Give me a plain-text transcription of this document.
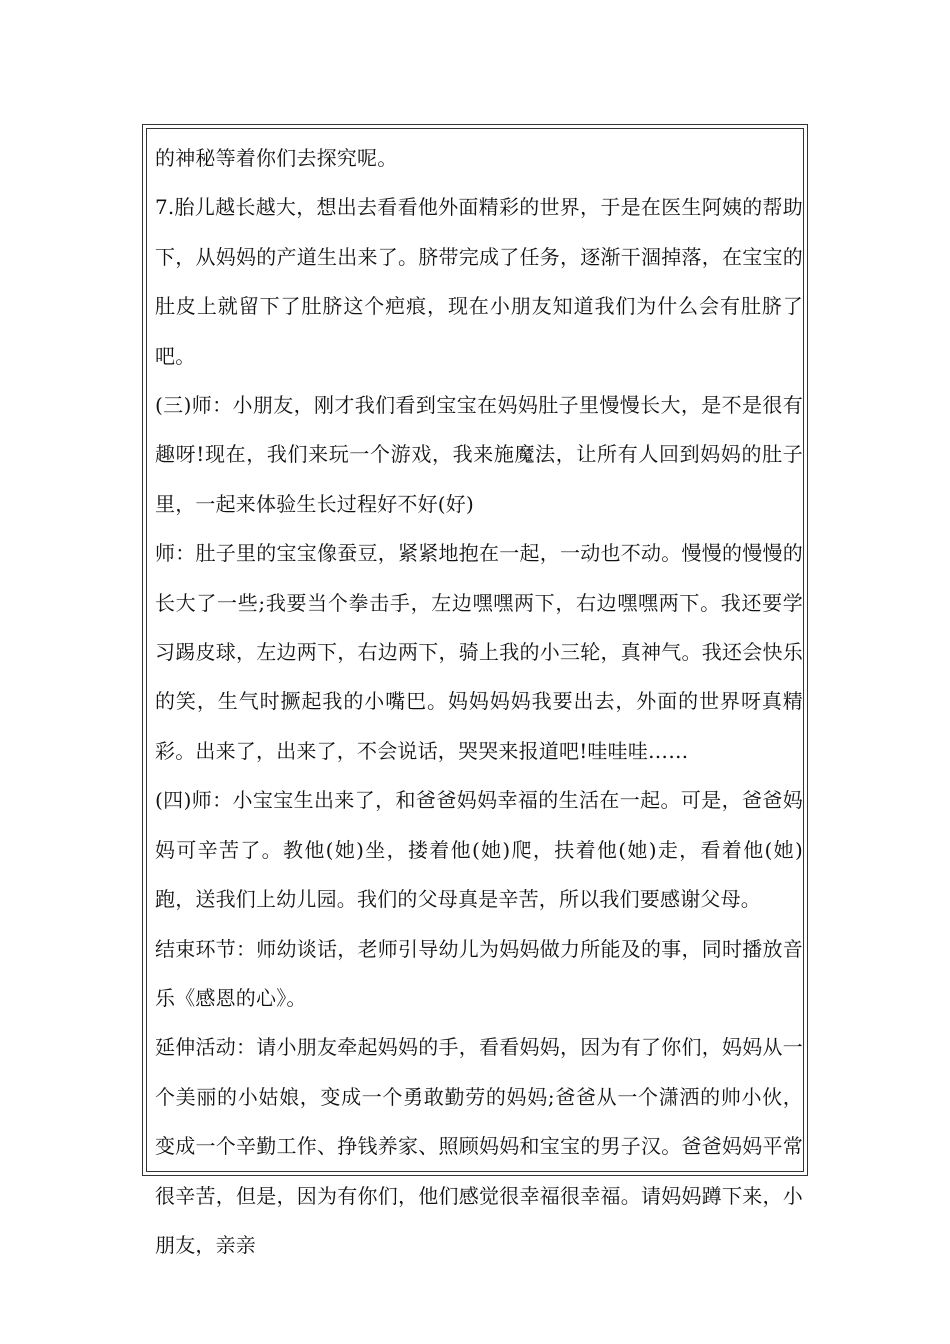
的神秘等着你们去探究呢。

7.胎儿越长越大，想出去看看他外面精彩的世界，于是在医生阿姨的帮助下，从妈妈的产道生出来了。脐带完成了任务，逐渐干涸掉落，在宝宝的肚皮上就留下了肚脐这个疤痕，现在小朋友知道我们为什么会有肚脐了吧。

(三)师：小朋友，刚才我们看到宝宝在妈妈肚子里慢慢长大，是不是很有趣呀!现在，我们来玩一个游戏，我来施魔法，让所有人回到妈妈的肚子里，一起来体验生长过程好不好(好)

师：肚子里的宝宝像蚕豆，紧紧地抱在一起，一动也不动。慢慢的慢慢的长大了一些;我要当个拳击手，左边嘿嘿两下，右边嘿嘿两下。我还要学习踢皮球，左边两下，右边两下，骑上我的小三轮，真神气。我还会快乐的笑，生气时撅起我的小嘴巴。妈妈妈妈我要出去，外面的世界呀真精彩。出来了，出来了，不会说话，哭哭来报道吧!哇哇哇……

(四)师：小宝宝生出来了，和爸爸妈妈幸福的生活在一起。可是，爸爸妈妈可辛苦了。教他(她)坐，搂着他(她)爬，扶着他(她)走，看着他(她)跑，送我们上幼儿园。我们的父母真是辛苦，所以我们要感谢父母。

结束环节：师幼谈话，老师引导幼儿为妈妈做力所能及的事，同时播放音乐《感恩的心》。

延伸活动：请小朋友牵起妈妈的手，看看妈妈，因为有了你们，妈妈从一个美丽的小姑娘，变成一个勇敢勤劳的妈妈;爸爸从一个潇洒的帅小伙，变成一个辛勤工作、挣钱养家、照顾妈妈和宝宝的男子汉。爸爸妈妈平常很辛苦，但是，因为有你们，他们感觉很幸福很幸福。请妈妈蹲下来，小朋友，亲亲
